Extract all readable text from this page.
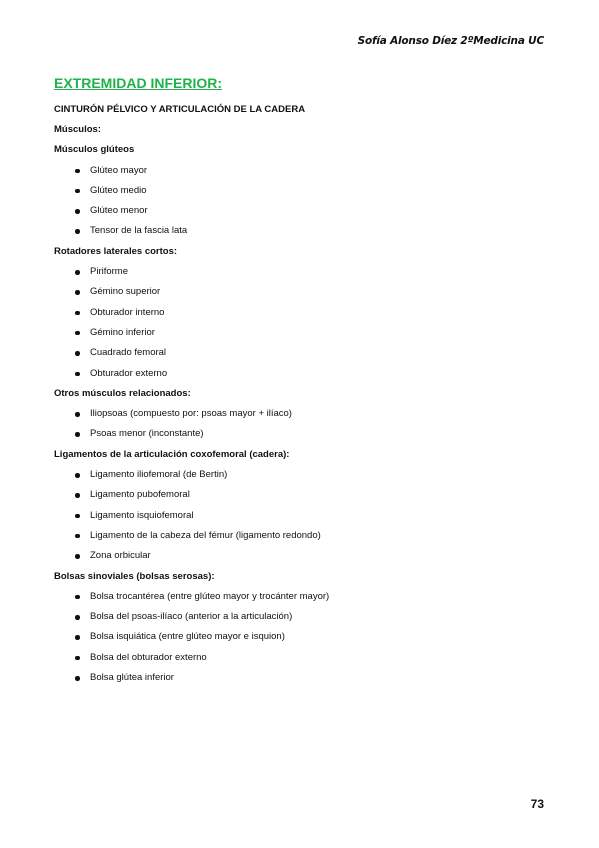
Sofía Alonso Díez 2ºMedicina UC

EXTREMIDAD INFERIOR:

CINTURÓN PÉLVICO Y ARTICULACIÓN DE LA CADERA

Músculos:

Músculos glúteos

Glúteo mayor
Glúteo medio
Glúteo menor
Tensor de la fascia lata

Rotadores laterales cortos:

Piriforme
Gémino superior
Obturador interno
Gémino inferior
Cuadrado femoral
Obturador externo

Otros músculos relacionados:

Iliopsoas (compuesto por: psoas mayor + ilíaco)
Psoas menor (inconstante)

Ligamentos de la articulación coxofemoral (cadera):

Ligamento iliofemoral (de Bertin)
Ligamento pubofemoral
Ligamento isquiofemoral
Ligamento de la cabeza del fémur (ligamento redondo)
Zona orbicular

Bolsas sinoviales (bolsas serosas):

Bolsa trocantérea (entre glúteo mayor y trocánter mayor)
Bolsa del psoas-ilíaco (anterior a la articulación)
Bolsa isquiática (entre glúteo mayor e isquion)
Bolsa del obturador externo
Bolsa glútea inferior
73
